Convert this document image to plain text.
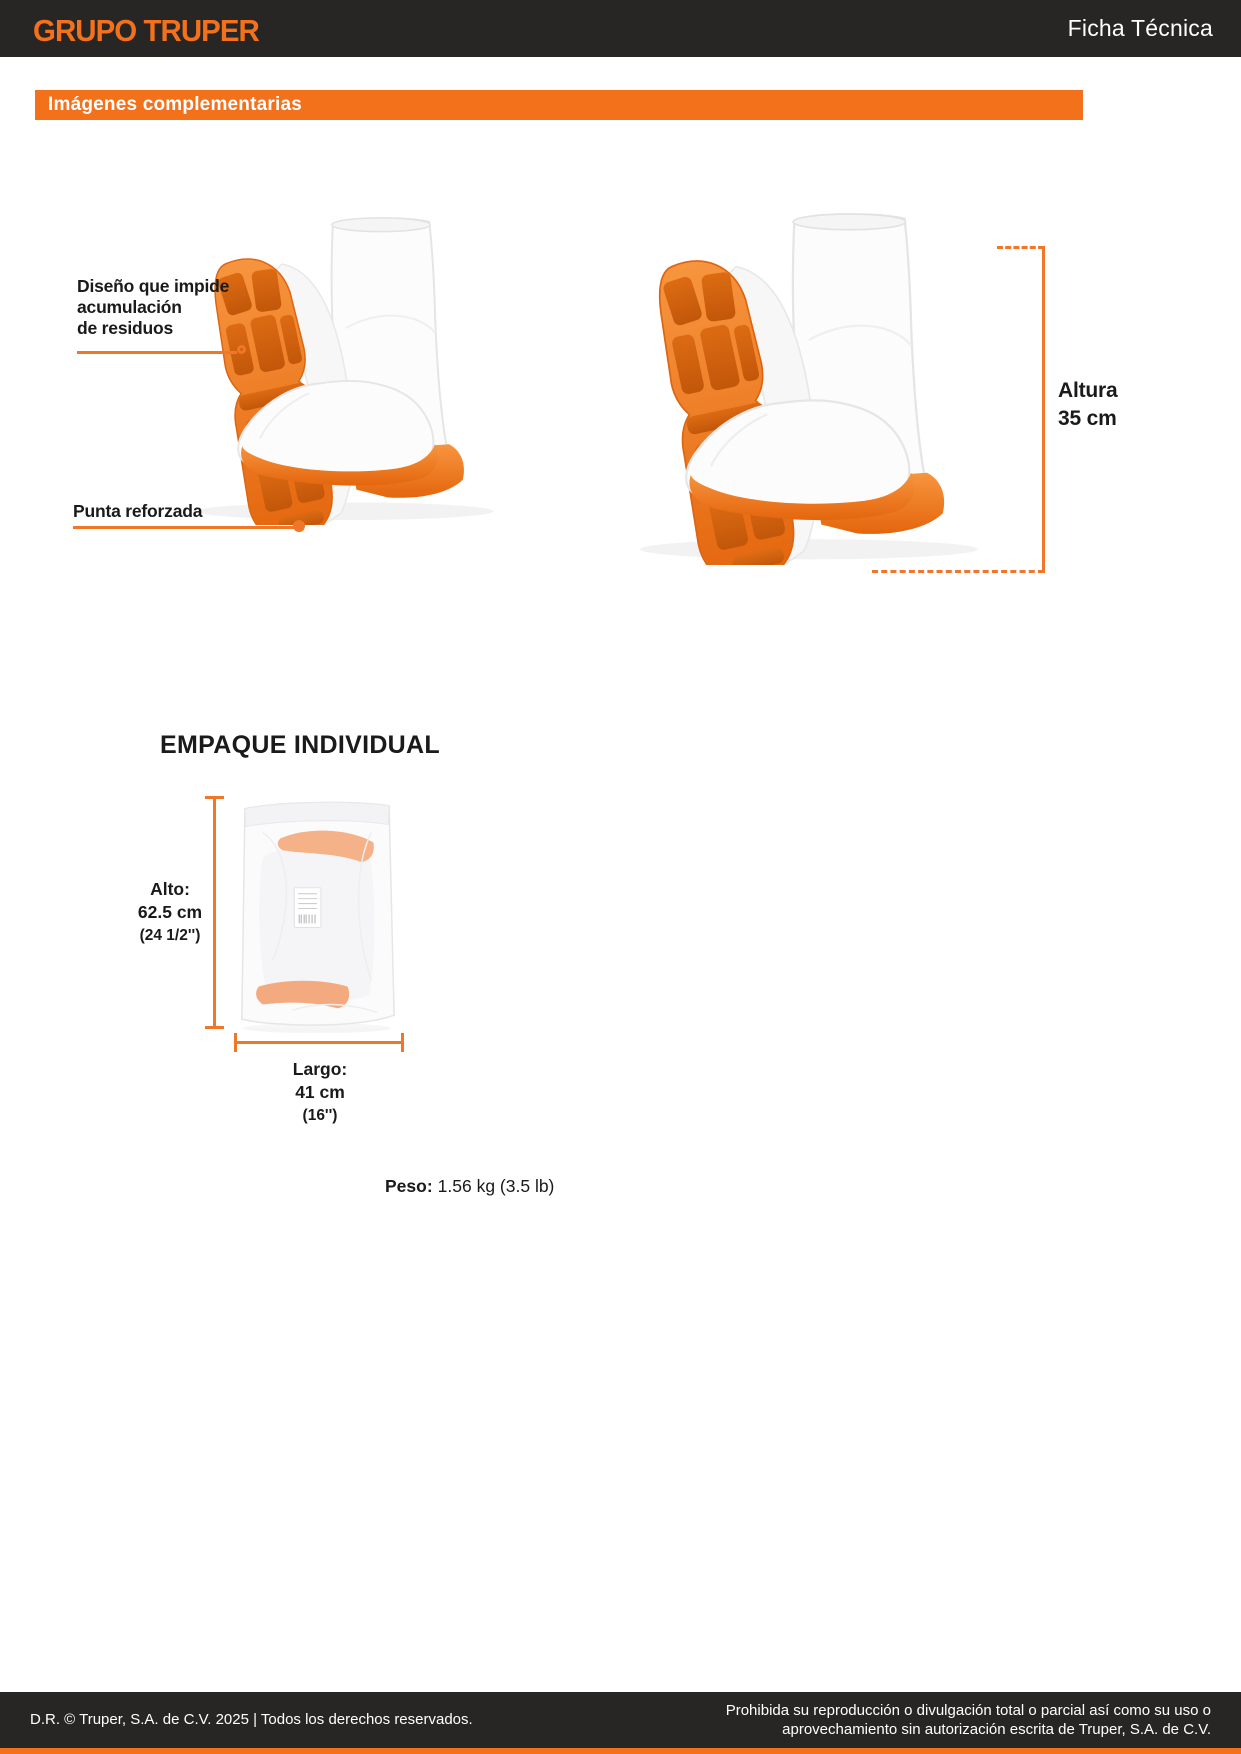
GRUPO TRUPER	Ficha Técnica
Imágenes complementarias
Diseño que impide
acumulación
de residuos
Punta reforzada
Altura
35 cm
EMPAQUE INDIVIDUAL
Alto:
62.5 cm
(24 1/2'')
Largo:
41 cm
(16'')
Peso: 1.56 kg (3.5 lb)
D.R. © Truper, S.A. de C.V. 2025 | Todos los derechos reservados.
Prohibida su reproducción o divulgación total o parcial así como su uso o
aprovechamiento sin autorización escrita de Truper, S.A. de C.V.
